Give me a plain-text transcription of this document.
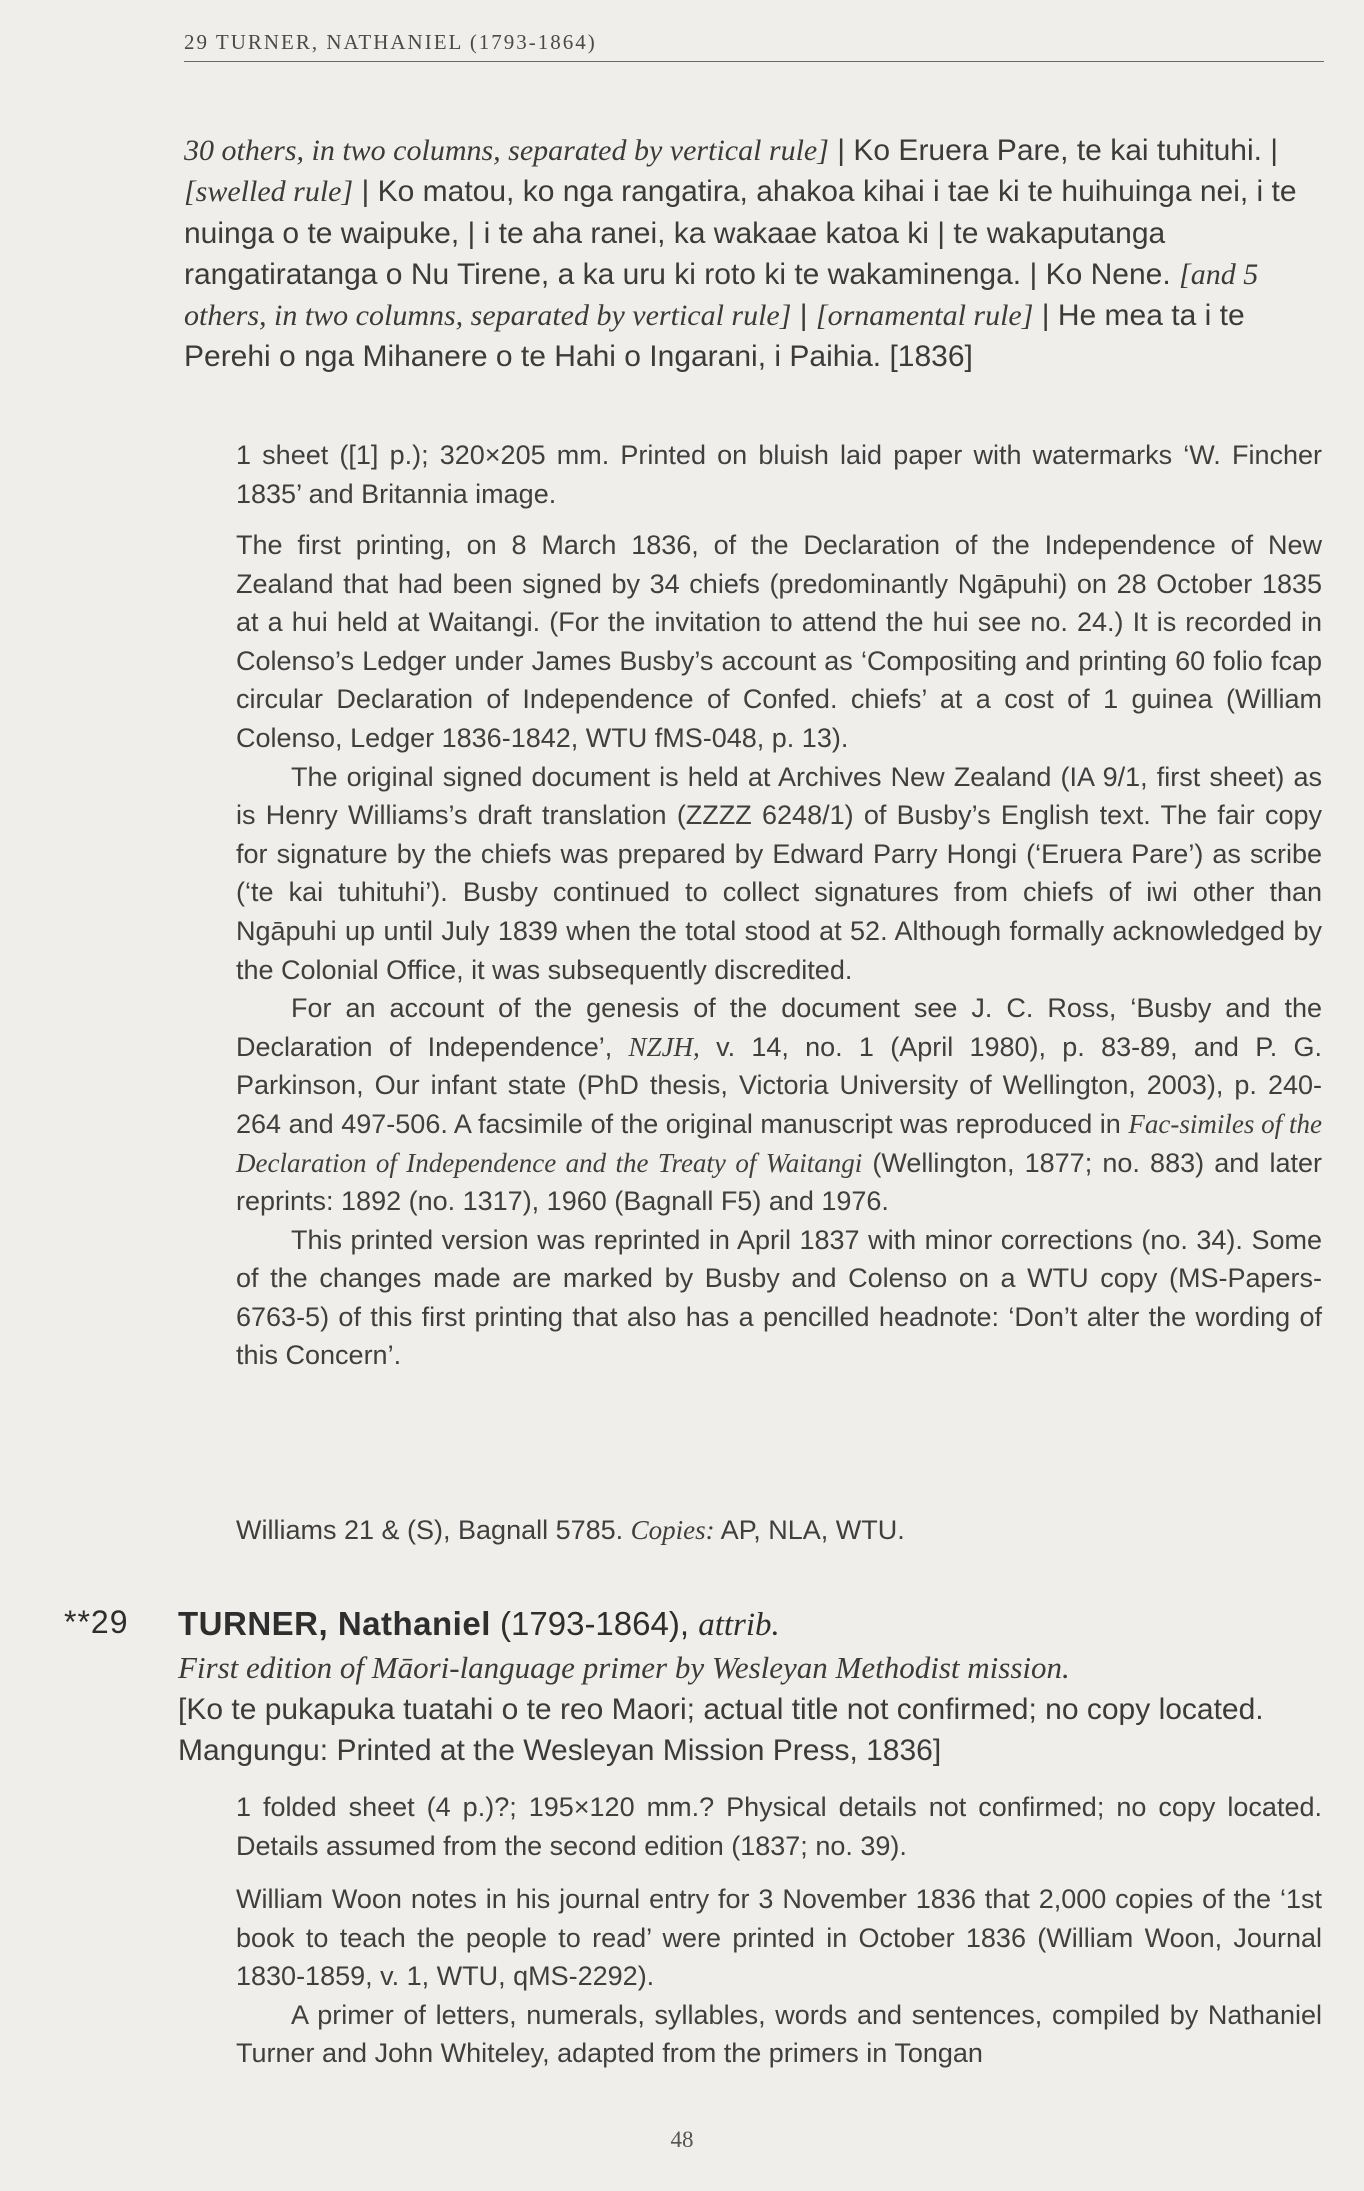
29 TURNER, NATHANIEL (1793-1864)

30 others, in two columns, separated by vertical rule] | Ko Eruera Pare, te kai tuhituhi. | [swelled rule] | Ko matou, ko nga rangatira, ahakoa kihai i tae ki te huihuinga nei, i te nuinga o te waipuke, | i te aha ranei, ka wakaae katoa ki | te wakaputanga rangatiratanga o Nu Tirene, a ka uru ki roto ki te wakaminenga. | Ko Nene. [and 5 others, in two columns, separated by vertical rule] | [ornamental rule] | He mea ta i te Perehi o nga Mihanere o te Hahi o Ingarani, i Paihia. [1836]

1 sheet ([1] p.); 320×205 mm. Printed on bluish laid paper with watermarks ‘W. Fincher 1835’ and Britannia image.

The first printing, on 8 March 1836, of the Declaration of the Independence of New Zealand that had been signed by 34 chiefs (predominantly Ngāpuhi) on 28 October 1835 at a hui held at Waitangi. (For the invitation to attend the hui see no. 24.) It is recorded in Colenso’s Ledger under James Busby’s account as ‘Compositing and printing 60 folio fcap circular Declaration of Independence of Confed. chiefs’ at a cost of 1 guinea (William Colenso, Ledger 1836-1842, WTU fMS-048, p. 13).

The original signed document is held at Archives New Zealand (IA 9/1, first sheet) as is Henry Williams’s draft translation (ZZZZ 6248/1) of Busby’s English text. The fair copy for signature by the chiefs was prepared by Edward Parry Hongi (‘Eruera Pare’) as scribe (‘te kai tuhituhi’). Busby continued to collect signatures from chiefs of iwi other than Ngāpuhi up until July 1839 when the total stood at 52. Although formally acknowledged by the Colonial Office, it was subsequently discredited.

For an account of the genesis of the document see J. C. Ross, ‘Busby and the Declaration of Independence’, NZJH, v. 14, no. 1 (April 1980), p. 83-89, and P. G. Parkinson, Our infant state (PhD thesis, Victoria University of Wellington, 2003), p. 240-264 and 497-506. A facsimile of the original manuscript was reproduced in Fac-similes of the Declaration of Independence and the Treaty of Waitangi (Wellington, 1877; no. 883) and later reprints: 1892 (no. 1317), 1960 (Bagnall F5) and 1976.

This printed version was reprinted in April 1837 with minor corrections (no. 34). Some of the changes made are marked by Busby and Colenso on a WTU copy (MS-Papers-6763-5) of this first printing that also has a pencilled headnote: ‘Don’t alter the wording of this Concern’.

Williams 21 & (S), Bagnall 5785. Copies: AP, NLA, WTU.

**29 TURNER, Nathaniel (1793-1864), attrib.

First edition of Māori-language primer by Wesleyan Methodist mission.

[Ko te pukapuka tuatahi o te reo Maori; actual title not confirmed; no copy located. Mangungu: Printed at the Wesleyan Mission Press, 1836]

1 folded sheet (4 p.)?; 195×120 mm.? Physical details not confirmed; no copy located. Details assumed from the second edition (1837; no. 39).

William Woon notes in his journal entry for 3 November 1836 that 2,000 copies of the ‘1st book to teach the people to read’ were printed in October 1836 (William Woon, Journal 1830-1859, v. 1, WTU, qMS-2292).

A primer of letters, numerals, syllables, words and sentences, compiled by Nathaniel Turner and John Whiteley, adapted from the primers in Tongan

48
